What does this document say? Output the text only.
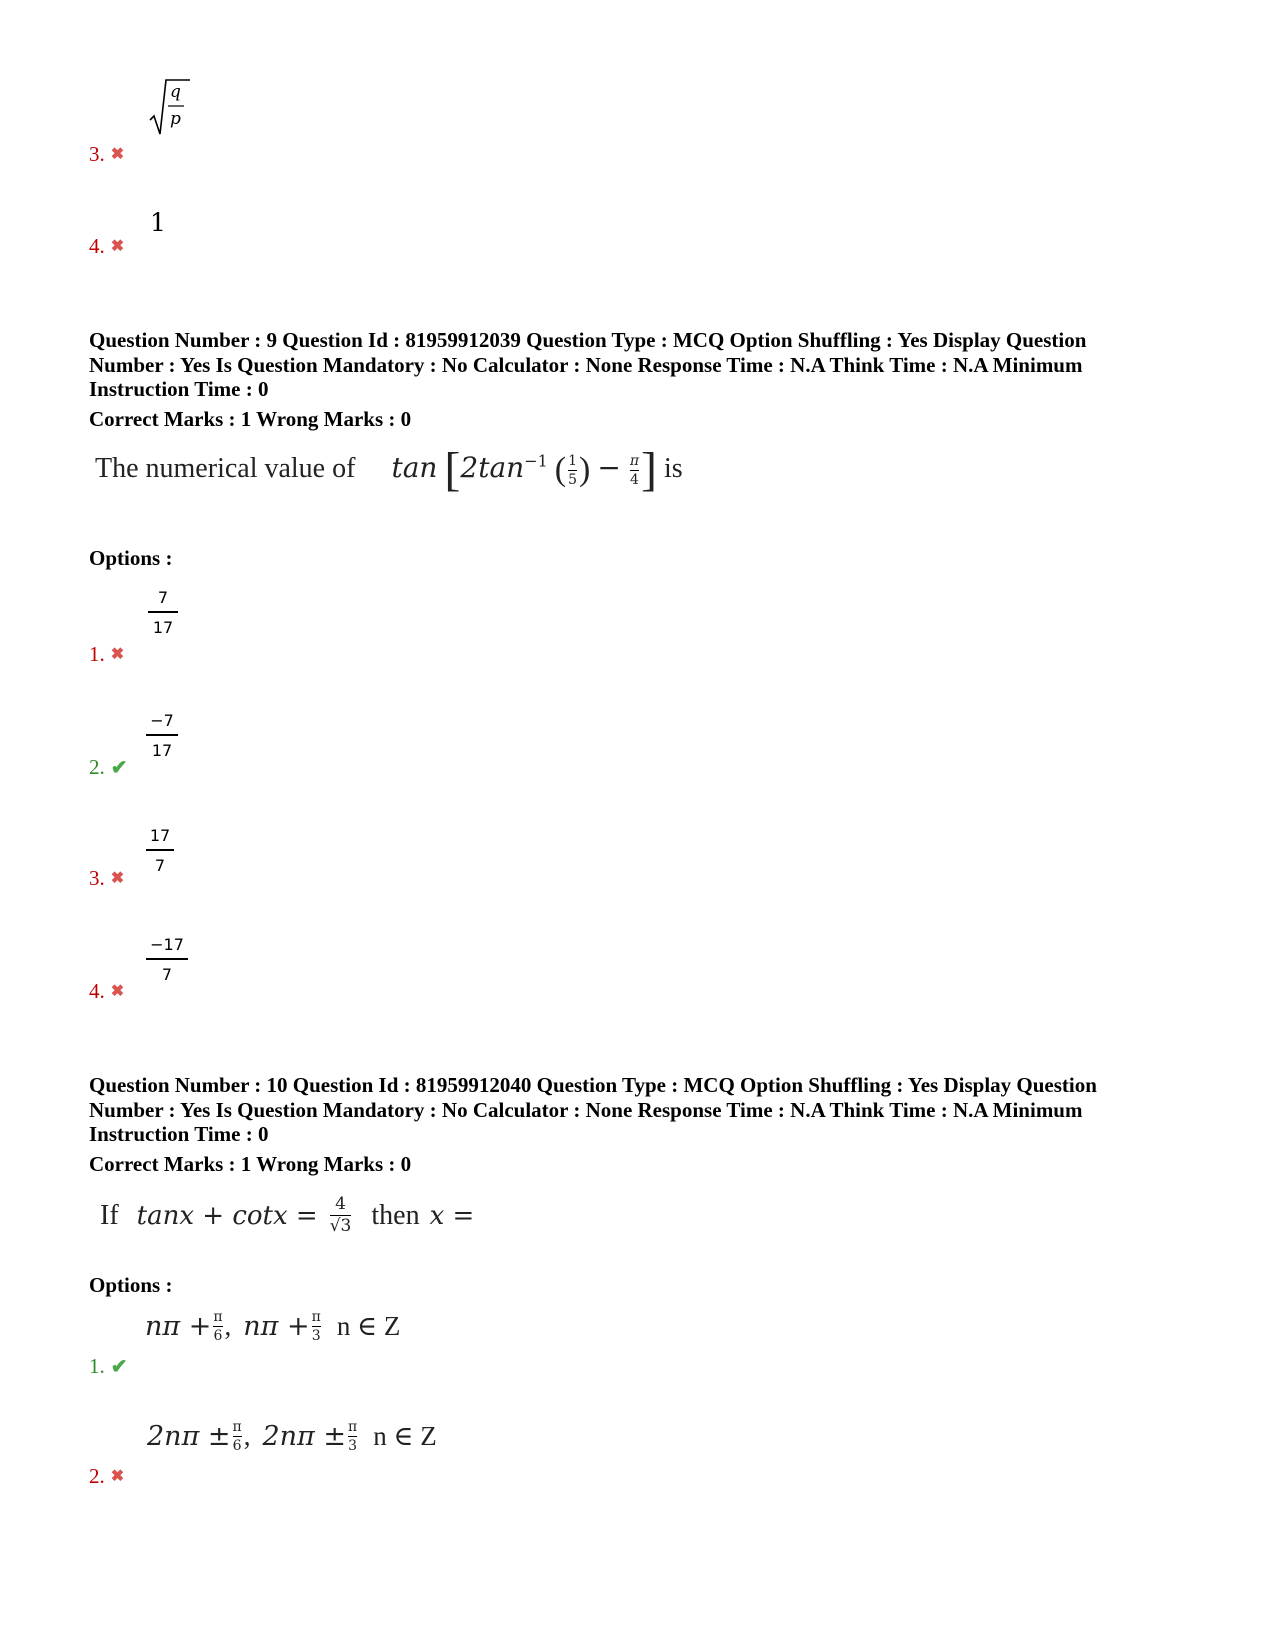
q
p
3. ✖
1
4. ✖
Question Number : 9 Question Id : 81959912039 Question Type : MCQ Option Shuffling : Yes Display Question Number : Yes Is Question Mandatory : No Calculator : None Response Time : N.A Think Time : N.A Minimum Instruction Time : 0
Correct Marks : 1 Wrong Marks : 0
The numerical value of $\tan [2\tan^{-1}$ ( $\frac{1}{5}$ ) − $\frac{\pi}{4}$ ] is
Options :
7
17
1. ✖
−7
17
2. ✔
17
7
3. ✖
−17
7
4. ✖
Question Number : 10 Question Id : 81959912040 Question Type : MCQ Option Shuffling : Yes Display Question Number : Yes Is Question Mandatory : No Calculator : None Response Time : N.A Think Time : N.A Minimum Instruction Time : 0
Correct Marks : 1 Wrong Marks : 0
If tanx + cotx = 4
√3 then x =
Options :
nπ + π
6 , nπ + π
3 n ∈ Z
1. ✔
2nπ ± π
6 , 2nπ ± π
3 n ∈ Z
2. ✖
